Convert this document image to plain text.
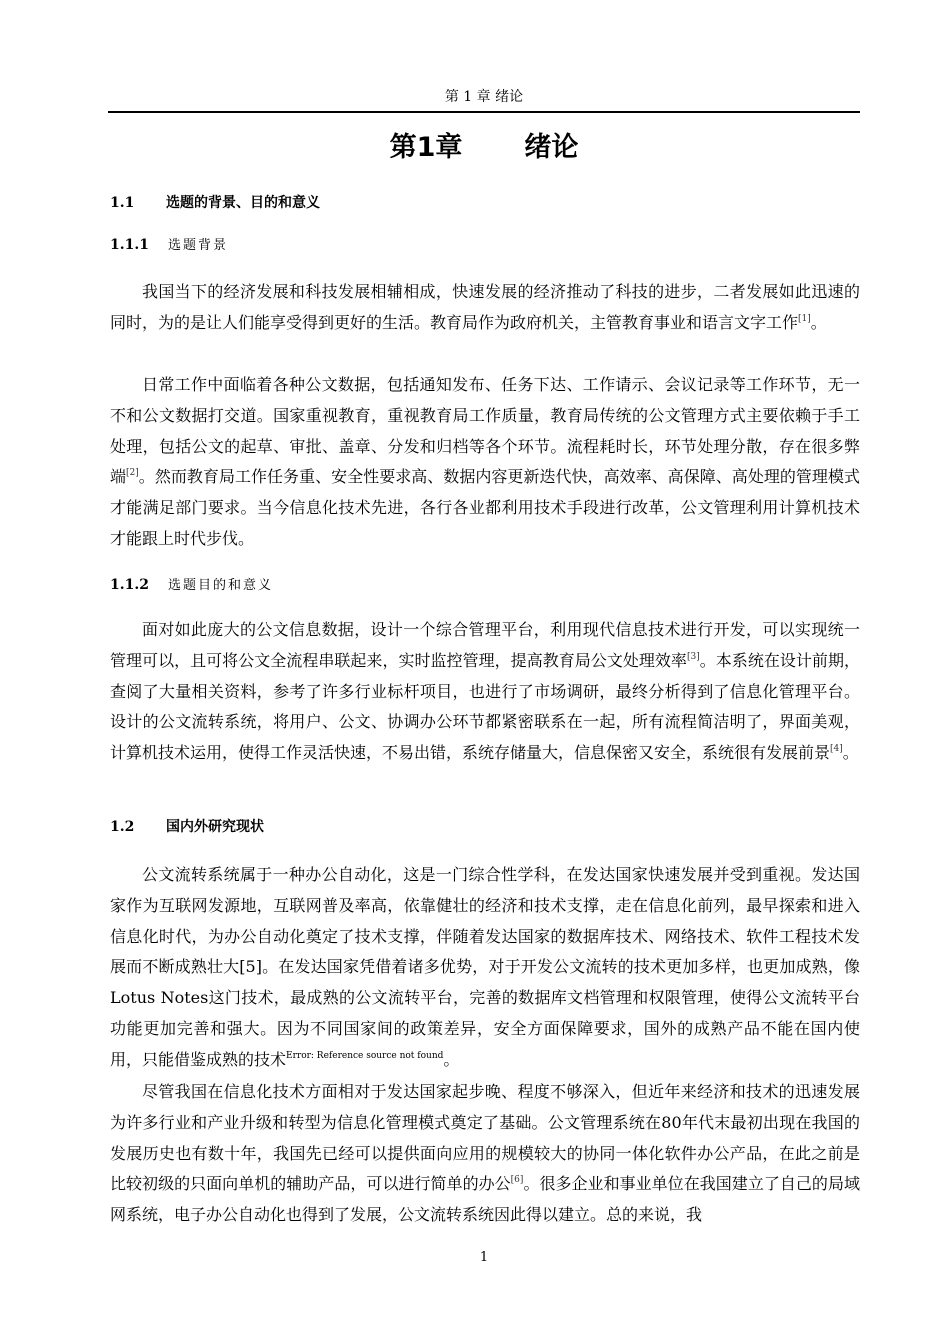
第 1 章 绪论
第1章 绪论
1.1 选题的背景、目的和意义
1.1.1 选题背景

我国当下的经济发展和科技发展相辅相成，快速发展的经济推动了科技的进步，二者发展如此迅速的同时，为的是让人们能享受得到更好的生活。教育局作为政府机关，主管教育事业和语言文字工作[1]。

日常工作中面临着各种公文数据，包括通知发布、任务下达、工作请示、会议记录等工作环节，无一不和公文数据打交道。国家重视教育，重视教育局工作质量，教育局传统的公文管理方式主要依赖于手工处理，包括公文的起草、审批、盖章、分发和归档等各个环节。流程耗时长，环节处理分散，存在很多弊端[2]。然而教育局工作任务重、安全性要求高、数据内容更新迭代快，高效率、高保障、高处理的管理模式才能满足部门要求。当今信息化技术先进，各行各业都利用技术手段进行改革，公文管理利用计算机技术才能跟上时代步伐。

1.1.2 选题目的和意义

面对如此庞大的公文信息数据，设计一个综合管理平台，利用现代信息技术进行开发，可以实现统一管理可以，且可将公文全流程串联起来，实时监控管理，提高教育局公文处理效率[3]。本系统在设计前期，查阅了大量相关资料，参考了许多行业标杆项目，也进行了市场调研，最终分析得到了信息化管理平台。设计的公文流转系统，将用户、公文、协调办公环节都紧密联系在一起，所有流程简洁明了，界面美观，计算机技术运用，使得工作灵活快速，不易出错，系统存储量大，信息保密又安全，系统很有发展前景[4]。

1.2 国内外研究现状

公文流转系统属于一种办公自动化，这是一门综合性学科，在发达国家快速发展并受到重视。发达国家作为互联网发源地，互联网普及率高，依靠健壮的经济和技术支撑，走在信息化前列，最早探索和进入信息化时代，为办公自动化奠定了技术支撑，伴随着发达国家的数据库技术、网络技术、软件工程技术发展而不断成熟壮大[5]。在发达国家凭借着诸多优势，对于开发公文流转的技术更加多样，也更加成熟，像Lotus Notes这门技术，最成熟的公文流转平台，完善的数据库文档管理和权限管理，使得公文流转平台功能更加完善和强大。因为不同国家间的政策差异，安全方面保障要求，国外的成熟产品不能在国内使用，只能借鉴成熟的技术$^{Error: Reference source not found}$。

尽管我国在信息化技术方面相对于发达国家起步晚、程度不够深入，但近年来经济和技术的迅速发展为许多行业和产业升级和转型为信息化管理模式奠定了基础。公文管理系统在80年代末最初出现在我国的发展历史也有数十年，我国先已经可以提供面向应用的规模较大的协同一体化软件办公产品，在此之前是比较初级的只面向单机的辅助产品，可以进行简单的办公[6]。很多企业和事业单位在我国建立了自己的局域网系统，电子办公自动化也得到了发展，公文流转系统因此得以建立。总的来说，我

1
